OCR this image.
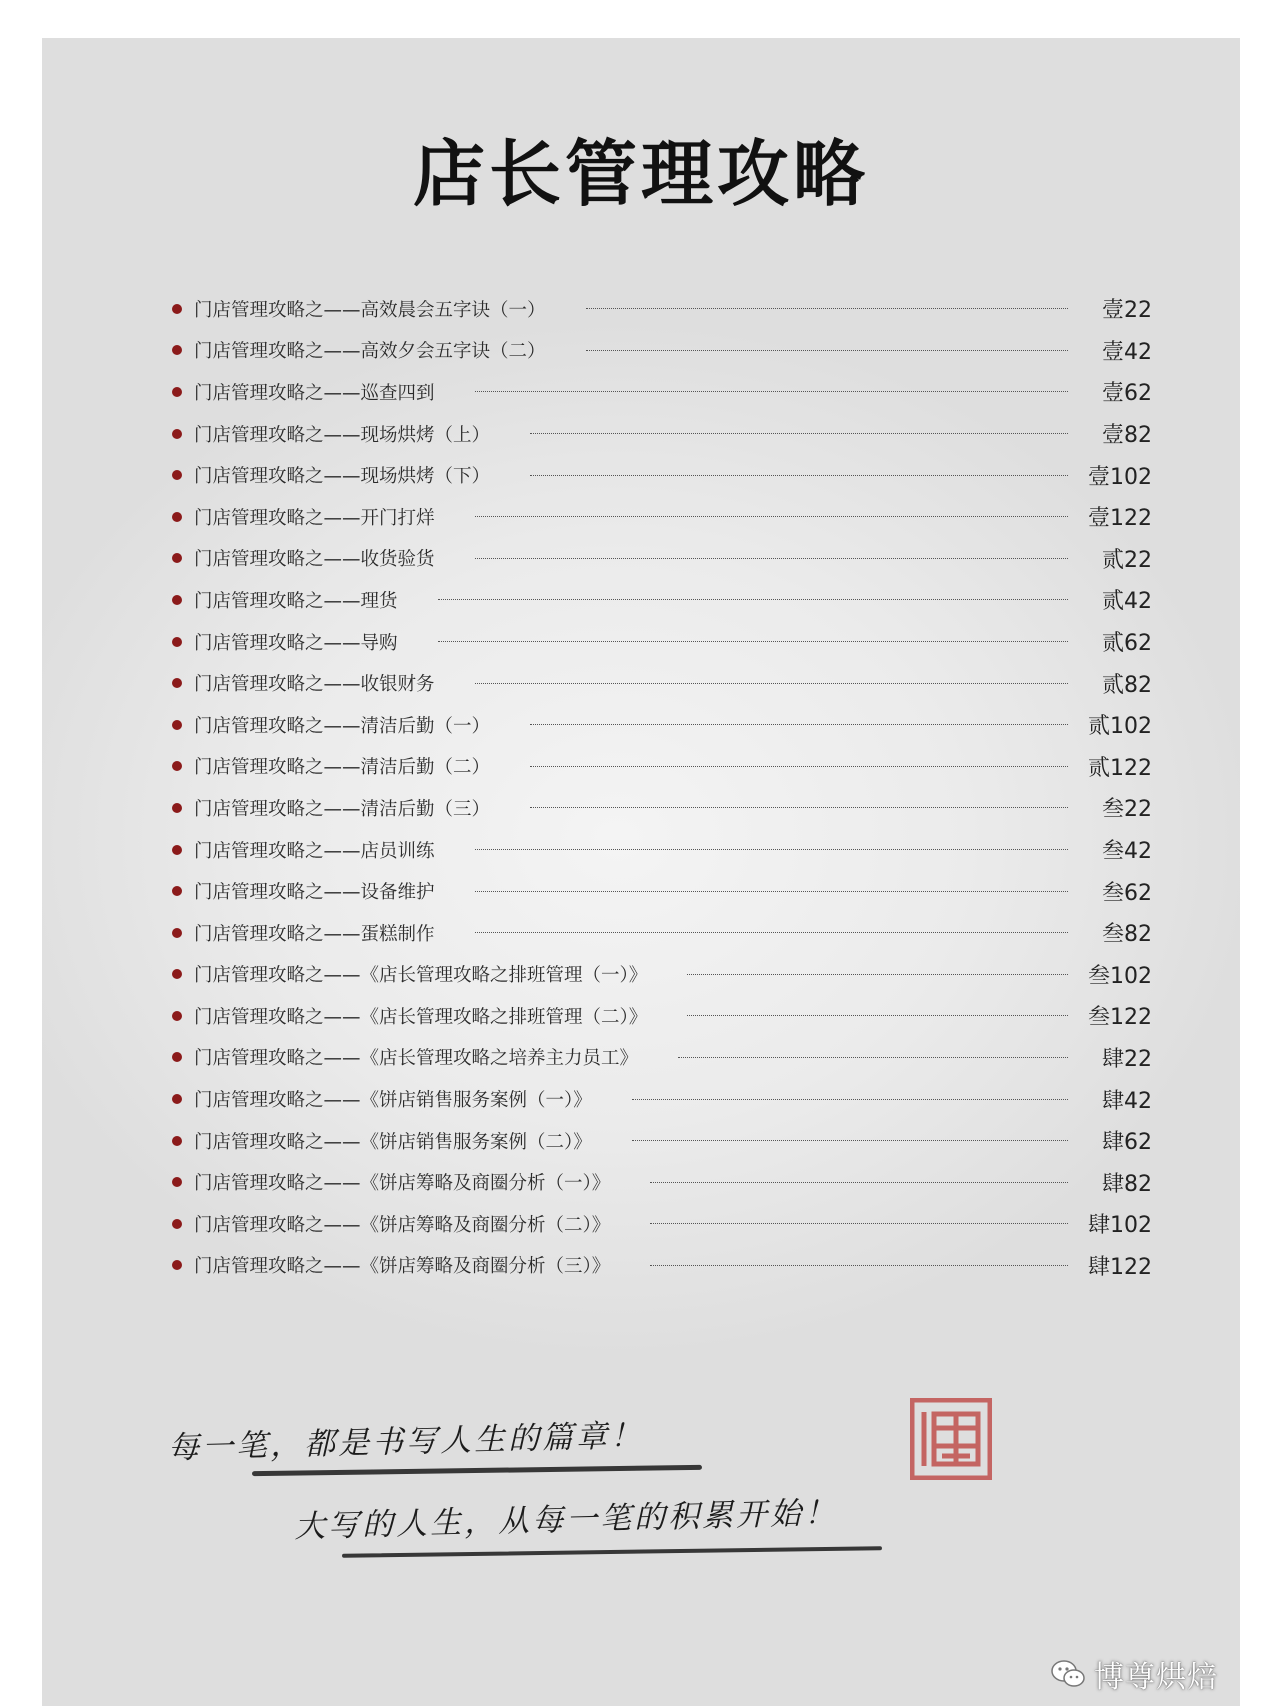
店长管理攻略
门店管理攻略之——高效晨会五字诀（一）	壹22
门店管理攻略之——高效夕会五字诀（二）	壹42
门店管理攻略之——巡查四到	壹62
门店管理攻略之——现场烘烤（上）	壹82
门店管理攻略之——现场烘烤（下）	壹102
门店管理攻略之——开门打烊	壹122
门店管理攻略之——收货验货	贰22
门店管理攻略之——理货	贰42
门店管理攻略之——导购	贰62
门店管理攻略之——收银财务	贰82
门店管理攻略之——清洁后勤（一）	贰102
门店管理攻略之——清洁后勤（二）	贰122
门店管理攻略之——清洁后勤（三）	叁22
门店管理攻略之——店员训练	叁42
门店管理攻略之——设备维护	叁62
门店管理攻略之——蛋糕制作	叁82
门店管理攻略之——《店长管理攻略之排班管理（一）》	叁102
门店管理攻略之——《店长管理攻略之排班管理（二）》	叁122
门店管理攻略之——《店长管理攻略之培养主力员工》	肆22
门店管理攻略之——《饼店销售服务案例（一）》	肆42
门店管理攻略之——《饼店销售服务案例（二）》	肆62
门店管理攻略之——《饼店筹略及商圈分析（一）》	肆82
门店管理攻略之——《饼店筹略及商圈分析（二）》	肆102
门店管理攻略之——《饼店筹略及商圈分析（三）》	肆122
每一笔，都是书写人生的篇章！
大写的人生，从每一笔的积累开始！
博尊烘焙
